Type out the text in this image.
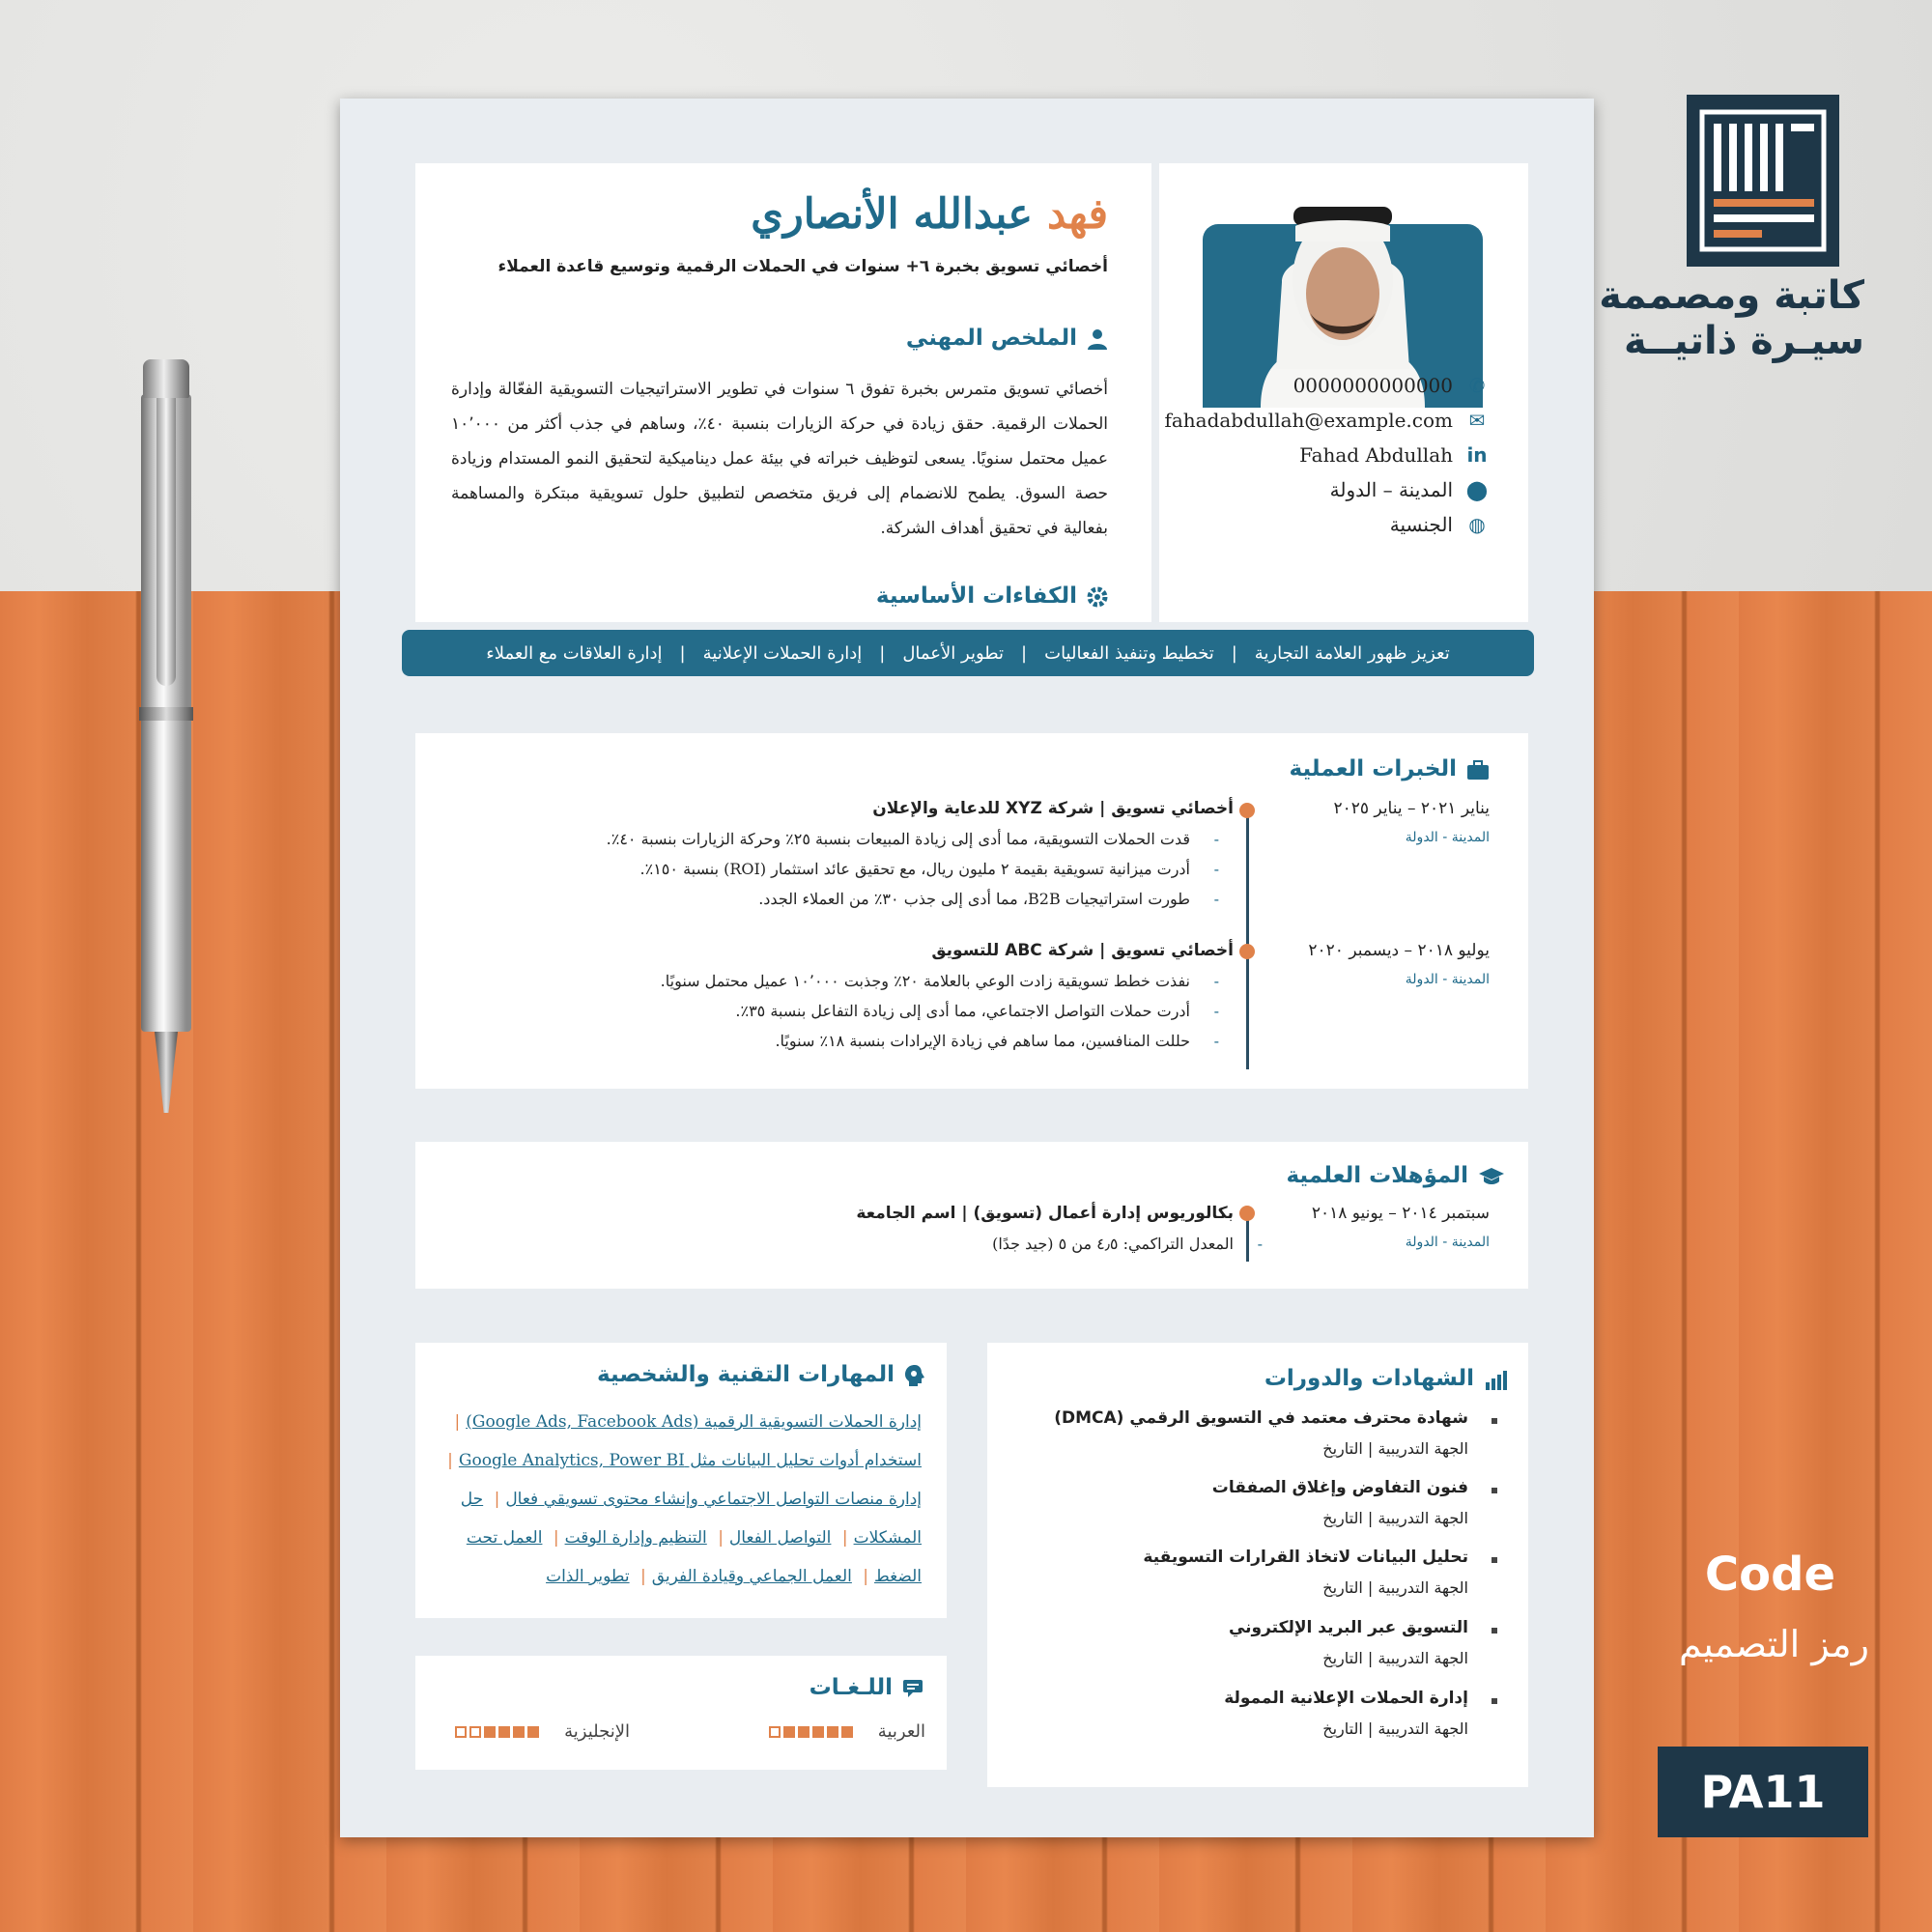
فهد عبدالله الأنصاري
أخصائي تسويق بخبرة ٦+ سنوات في الحملات الرقمية وتوسيع قاعدة العملاء
الملخص المهني
أخصائي تسويق متمرس بخبرة تفوق ٦ سنوات في تطوير الاستراتيجيات التسويقية الفعّالة وإدارة الحملات الرقمية. حقق زيادة في حركة الزيارات بنسبة ٤٠٪، وساهم في جذب أكثر من ١٠٬٠٠٠ عميل محتمل سنويًا. يسعى لتوظيف خبراته في بيئة عمل ديناميكية لتحقيق النمو المستدام وزيادة حصة السوق. يطمح للانضمام إلى فريق متخصص لتطبيق حلول تسويقية مبتكرة والمساهمة بفعالية في تحقيق أهداف الشركة.
الكفاءات الأساسية
✆0000000000000
✉fahadabdullah@example.com
inFahad Abdullah
⬤المدينة – الدولة
◍الجنسية
تعزيز ظهور العلامة التجارية
|
تخطيط وتنفيذ الفعاليات
|
تطوير الأعمال
|
إدارة الحملات الإعلانية
|
إدارة العلاقات مع العملاء
الخبرات العملية
يناير ٢٠٢١ – يناير ٢٠٢٥
المدينة - الدولة
أخصائي تسويق | شركة XYZ للدعاية والإعلان
- قدت الحملات التسويقية، مما أدى إلى زيادة المبيعات بنسبة ٢٥٪ وحركة الزيارات بنسبة ٤٠٪.
- أدرت ميزانية تسويقية بقيمة ٢ مليون ريال، مع تحقيق عائد استثمار (ROI) بنسبة ١٥٠٪.
- طورت استراتيجيات B2B، مما أدى إلى جذب ٣٠٪ من العملاء الجدد.
يوليو ٢٠١٨ – ديسمبر ٢٠٢٠
المدينة - الدولة
أخصائي تسويق | شركة ABC للتسويق
- نفذت خطط تسويقية زادت الوعي بالعلامة ٢٠٪ وجذبت ١٠٬٠٠٠ عميل محتمل سنويًا.
- أدرت حملات التواصل الاجتماعي، مما أدى إلى زيادة التفاعل بنسبة ٣٥٪.
- حللت المنافسين، مما ساهم في زيادة الإيرادات بنسبة ١٨٪ سنويًا.
المؤهلات العلمية
سبتمبر ٢٠١٤ – يونيو ٢٠١٨
المدينة - الدولة
بكالوريوس إدارة أعمال (تسويق) | اسم الجامعة
- المعدل التراكمي: ٤٫٥ من ٥ (جيد جدًا)
الشهادات والدورات
شهادة محترف معتمد في التسويق الرقمي (DMCA)
الجهة التدريبية | التاريخ
فنون التفاوض وإغلاق الصفقات
الجهة التدريبية | التاريخ
تحليل البيانات لاتخاذ القرارات التسويقية
الجهة التدريبية | التاريخ
التسويق عبر البريد الإلكتروني
الجهة التدريبية | التاريخ
إدارة الحملات الإعلانية الممولة
الجهة التدريبية | التاريخ
المهارات التقنية والشخصية
إدارة الحملات التسويقية الرقمية (Google Ads, Facebook Ads)| استخدام أدوات تحليل البيانات مثل Google Analytics, Power BI| إدارة منصات التواصل الاجتماعي وإنشاء محتوى تسويقي فعال| حل المشكلات| التواصل الفعال| التنظيم وإدارة الوقت| العمل تحت الضغط| العمل الجماعي وقيادة الفريق| تطوير الذات
اللـغـات
العربية
الإنجليزية
كاتبة ومصممة
سيـرة ذاتيــة
Code
رمز التصميم
PA11
